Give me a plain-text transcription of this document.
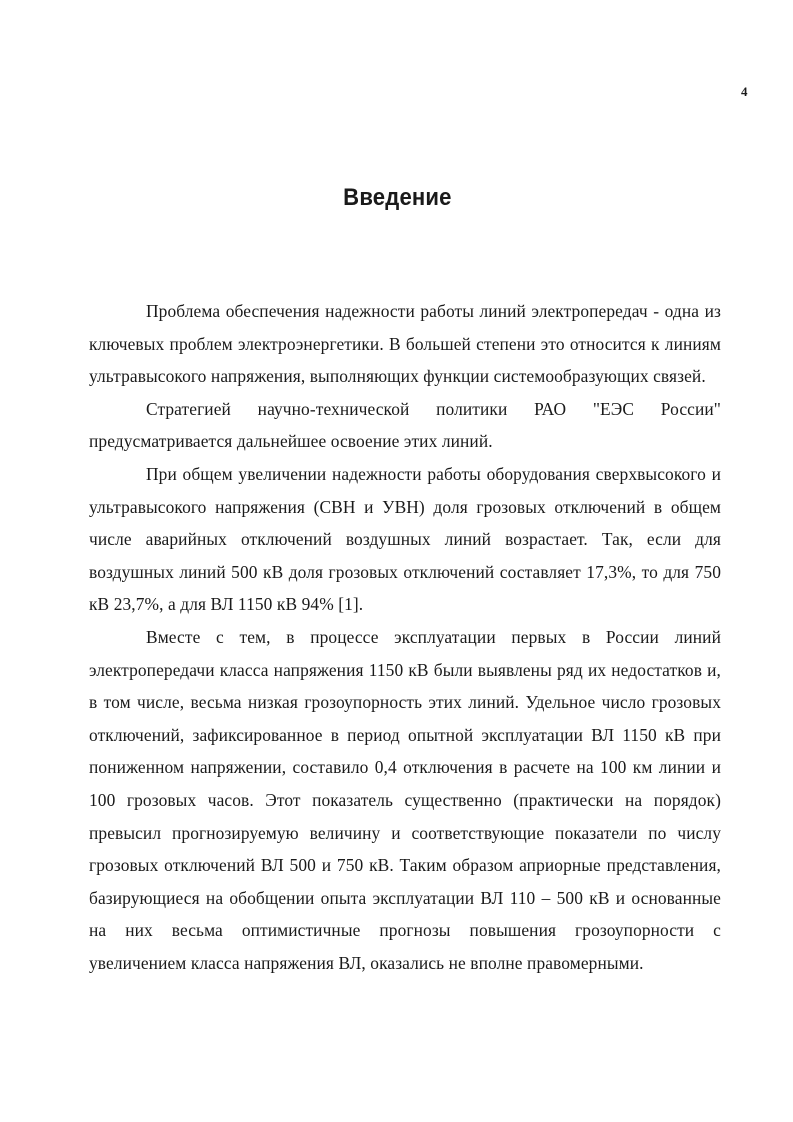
4
Введение

Проблема обеспечения надежности работы линий электропередач - одна из ключевых проблем электроэнергетики. В большей степени это относится к линиям ультравысокого напряжения, выполняющих функции системообразующих связей.

Стратегией научно-технической политики РАО "ЕЭС России" предусматривается дальнейшее освоение этих линий.

При общем увеличении надежности работы оборудования сверхвысокого и ультравысокого напряжения (СВН и УВН) доля грозовых отключений в общем числе аварийных отключений воздушных линий возрастает. Так, если для воздушных линий 500 кВ доля грозовых отключений составляет 17,3%, то для 750 кВ 23,7%, а для ВЛ 1150 кВ 94% [1].

Вместе с тем, в процессе эксплуатации первых в России линий электропередачи класса напряжения 1150 кВ были выявлены ряд их недостатков и, в том числе, весьма низкая грозоупорность этих линий. Удельное число грозовых отключений, зафиксированное в период опытной эксплуатации ВЛ 1150 кВ при пониженном напряжении, составило 0,4 отключения в расчете на 100 км линии и 100 грозовых часов. Этот показатель существенно (практически на порядок) превысил прогнозируемую величину и соответствующие показатели по числу грозовых отключений ВЛ 500 и 750 кВ. Таким образом априорные представления, базирующиеся на обобщении опыта эксплуатации ВЛ 110 – 500 кВ и основанные на них весьма оптимистичные прогнозы повышения грозоупорности с увеличением класса напряжения ВЛ, оказались не вполне правомерными.
